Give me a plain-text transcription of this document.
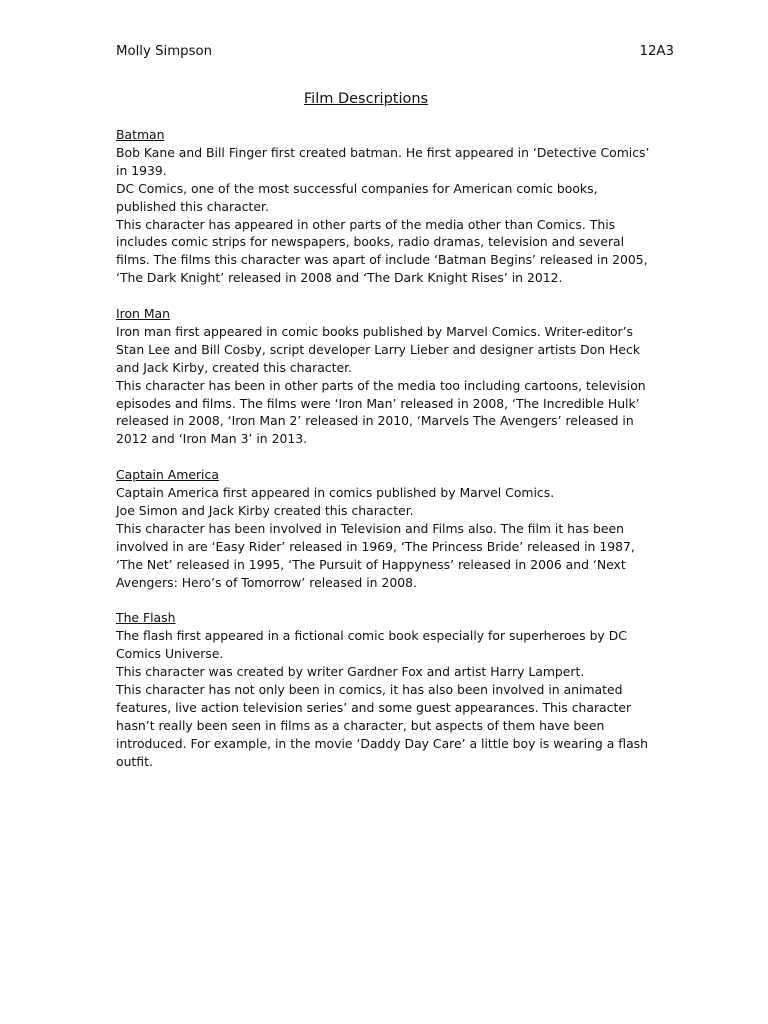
Molly Simpson	12A3
Film Descriptions
Batman

Bob Kane and Bill Finger first created batman. He first appeared in ‘Detective Comics’ in 1939.

DC Comics, one of the most successful companies for American comic books, published this character.

This character has appeared in other parts of the media other than Comics. This includes comic strips for newspapers, books, radio dramas, television and several films. The films this character was apart of include ‘Batman Begins’ released in 2005, ‘The Dark Knight’ released in 2008 and ‘The Dark Knight Rises’ in 2012.

Iron Man

Iron man first appeared in comic books published by Marvel Comics. Writer-editor’s Stan Lee and Bill Cosby, script developer Larry Lieber and designer artists Don Heck and Jack Kirby, created this character.

This character has been in other parts of the media too including cartoons, television episodes and films. The films were ‘Iron Man’ released in 2008, ‘The Incredible Hulk’ released in 2008, ‘Iron Man 2’ released in 2010, ‘Marvels The Avengers’ released in 2012 and ‘Iron Man 3’ in 2013.

Captain America

Captain America first appeared in comics published by Marvel Comics.

Joe Simon and Jack Kirby created this character.

This character has been involved in Television and Films also. The film it has been involved in are ‘Easy Rider’ released in 1969, ‘The Princess Bride’ released in 1987, ‘The Net’ released in 1995, ‘The Pursuit of Happyness’ released in 2006 and ‘Next Avengers: Hero’s of Tomorrow’ released in 2008.

The Flash

The flash first appeared in a fictional comic book especially for superheroes by DC Comics Universe.

This character was created by writer Gardner Fox and artist Harry Lampert.

This character has not only been in comics, it has also been involved in animated features, live action television series’ and some guest appearances. This character hasn’t really been seen in films as a character, but aspects of them have been introduced. For example, in the movie ‘Daddy Day Care’ a little boy is wearing a flash outfit.
